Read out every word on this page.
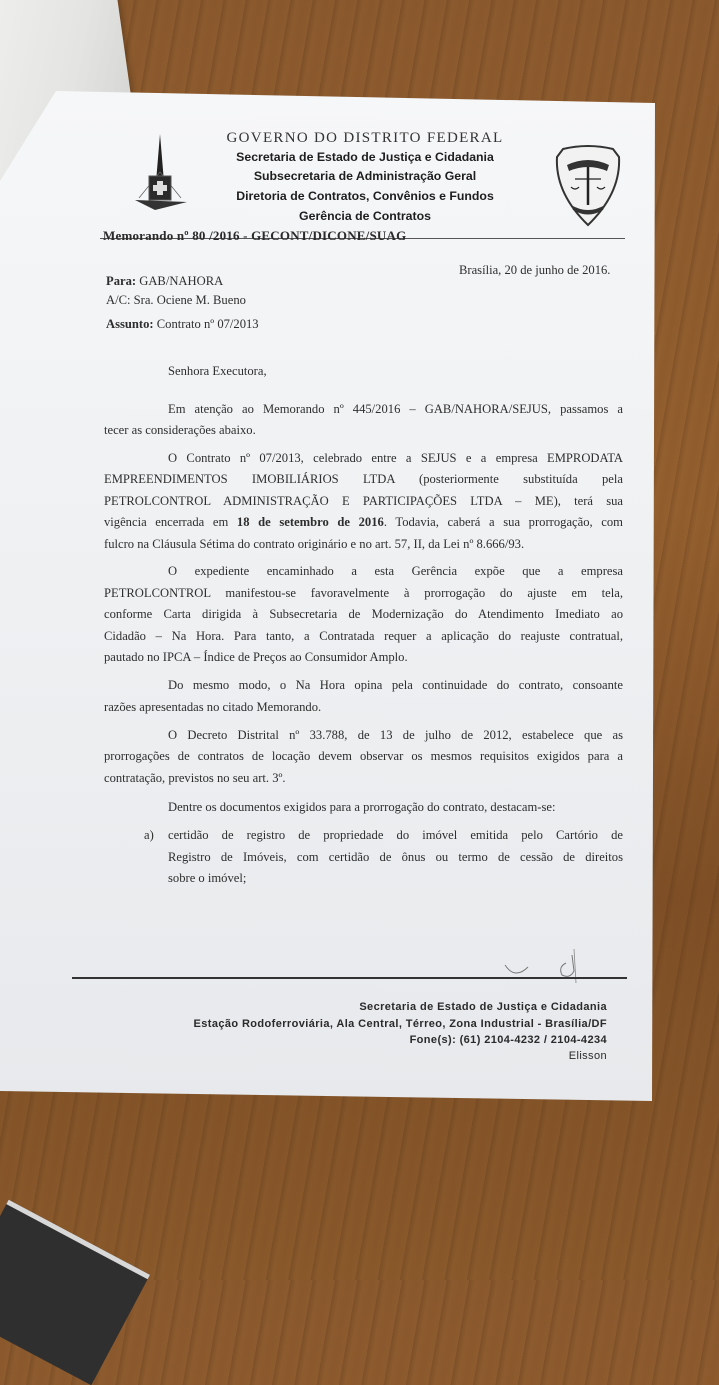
GOVERNO DO DISTRITO FEDERAL
Secretaria de Estado de Justiça e Cidadania
Subsecretaria de Administração Geral
Diretoria de Contratos, Convênios e Fundos
Gerência de Contratos
Memorando nº 80 /2016 - GECONT/DICONE/SUAG
Brasília, 20 de junho de 2016.
Para: GAB/NAHORA
A/C: Sra. Ociene M. Bueno
Assunto: Contrato nº 07/2013
Senhora Executora,
Em atenção ao Memorando nº 445/2016 – GAB/NAHORA/SEJUS, passamos a
tecer as considerações abaixo.
O Contrato nº 07/2013, celebrado entre a SEJUS e a empresa EMPRODATA
EMPREENDIMENTOS IMOBILIÁRIOS LTDA (posteriormente substituída pela
PETROLCONTROL ADMINISTRAÇÃO E PARTICIPAÇÕES LTDA – ME), terá sua
vigência encerrada em 18 de setembro de 2016. Todavia, caberá a sua prorrogação, com
fulcro na Cláusula Sétima do contrato originário e no art. 57, II, da Lei nº 8.666/93.
O expediente encaminhado a esta Gerência expõe que a empresa
PETROLCONTROL manifestou-se favoravelmente à prorrogação do ajuste em tela,
conforme Carta dirigida à Subsecretaria de Modernização do Atendimento Imediato ao
Cidadão – Na Hora. Para tanto, a Contratada requer a aplicação do reajuste contratual,
pautado no IPCA – Índice de Preços ao Consumidor Amplo.
Do mesmo modo, o Na Hora opina pela continuidade do contrato, consoante
razões apresentadas no citado Memorando.
O Decreto Distrital nº 33.788, de 13 de julho de 2012, estabelece que as
prorrogações de contratos de locação devem observar os mesmos requisitos exigidos para a
contratação, previstos no seu art. 3º.
Dentre os documentos exigidos para a prorrogação do contrato, destacam-se:
a) certidão de registro de propriedade do imóvel emitida pelo Cartório de
Registro de Imóveis, com certidão de ônus ou termo de cessão de direitos
sobre o imóvel;
Secretaria de Estado de Justiça e Cidadania
Estação Rodoferroviária, Ala Central, Térreo, Zona Industrial - Brasília/DF
Fone(s): (61) 2104-4232 / 2104-4234
Elisson
